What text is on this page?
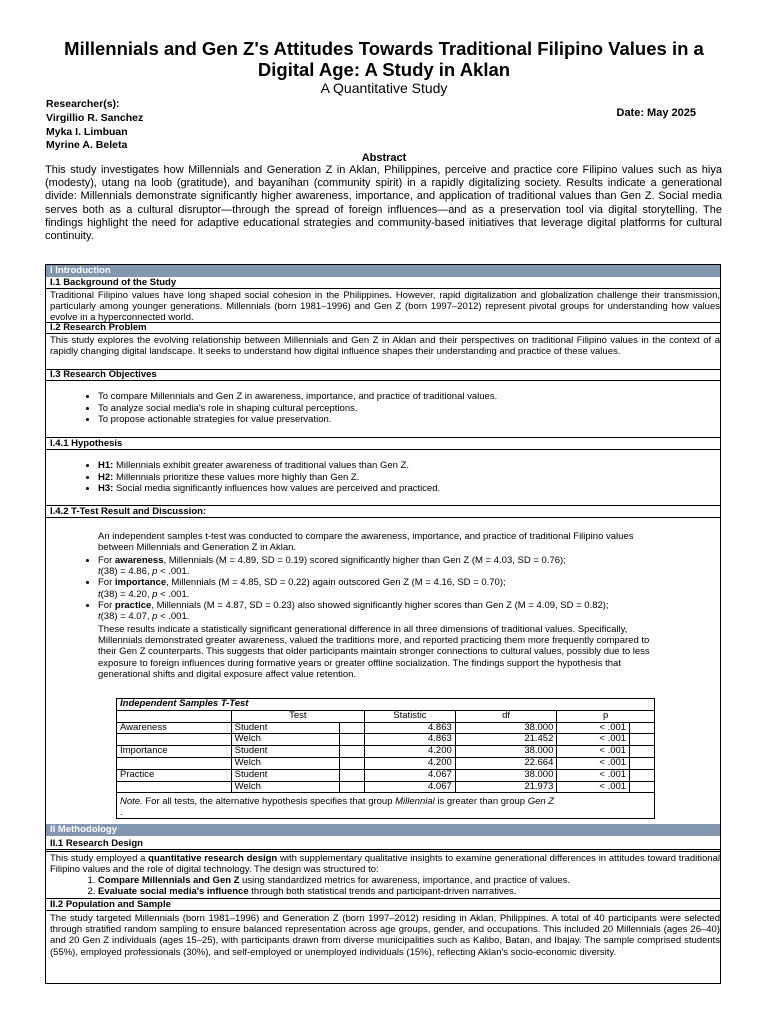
Millennials and Gen Z's Attitudes Towards Traditional Filipino Values in a Digital Age: A Study in Aklan
A Quantitative Study
Researcher(s):
Virgillio R. Sanchez
Myka I. Limbuan
Myrine A. Beleta
Date: May 2025
Abstract
This study investigates how Millennials and Generation Z in Aklan, Philippines, perceive and practice core Filipino values such as hiya (modesty), utang na loob (gratitude), and bayanihan (community spirit) in a rapidly digitalizing society. Results indicate a generational divide: Millennials demonstrate significantly higher awareness, importance, and application of traditional values than Gen Z. Social media serves both as a cultural disruptor—through the spread of foreign influences—and as a preservation tool via digital storytelling. The findings highlight the need for adaptive educational strategies and community-based initiatives that leverage digital platforms for cultural continuity.
I Introduction
I.1 Background of the Study
Traditional Filipino values have long shaped social cohesion in the Philippines. However, rapid digitalization and globalization challenge their transmission, particularly among younger generations. Millennials (born 1981–1996) and Gen Z (born 1997–2012) represent pivotal groups for understanding how values evolve in a hyperconnected world.
I.2 Research Problem
This study explores the evolving relationship between Millennials and Gen Z in Aklan and their perspectives on traditional Filipino values in the context of a rapidly changing digital landscape. It seeks to understand how digital influence shapes their understanding and practice of these values.
I.3 Research Objectives
• To compare Millennials and Gen Z in awareness, importance, and practice of traditional values.
• To analyze social media's role in shaping cultural perceptions.
• To propose actionable strategies for value preservation.
I.4.1 Hypothesis
• H1: Millennials exhibit greater awareness of traditional values than Gen Z.
• H2: Millennials prioritize these values more highly than Gen Z.
• H3: Social media significantly influences how values are perceived and practiced.
I.4.2 T-Test Result and Discussion:
An independent samples t-test was conducted to compare the awareness, importance, and practice of traditional Filipino values between Millennials and Generation Z in Aklan.
• For awareness, Millennials (M = 4.89, SD = 0.19) scored significantly higher than Gen Z (M = 4.03, SD = 0.76);
t(38) = 4.86, p < .001.
• For importance, Millennials (M = 4.85, SD = 0.22) again outscored Gen Z (M = 4.16, SD = 0.70);
t(38) = 4.20, p < .001.
• For practice, Millennials (M = 4.87, SD = 0.23) also showed significantly higher scores than Gen Z (M = 4.09, SD = 0.82);
t(38) = 4.07, p < .001.
These results indicate a statistically significant generational difference in all three dimensions of traditional values. Specifically, Millennials demonstrated greater awareness, valued the traditions more, and reported practicing them more frequently compared to their Gen Z counterparts. This suggests that older participants maintain stronger connections to cultural values, possibly due to less exposure to foreign influences during formative years or greater offline socialization. The findings support the hypothesis that generational shifts and digital exposure affect value retention.
Independent Samples T-Test						
	Test		Statistic	df	p	
Awareness	Student		4.863	38.000	< .001	
	Welch		4.863	21.452	< .001	
Importance	Student		4.200	38.000	< .001	
	Welch		4.200	22.664	< .001	
Practice	Student		4.067	38.000	< .001	
	Welch		4.067	21.973	< .001	
Note. For all tests, the alternative hypothesis specifies that group Millennial is greater than group Gen Z
.						
II Methodology
II.1 Research Design
This study employed a quantitative research design with supplementary qualitative insights to examine generational differences in attitudes toward traditional Filipino values and the role of digital technology. The design was structured to:
1. Compare Millennials and Gen Z using standardized metrics for awareness, importance, and practice of values.
2. Evaluate social media's influence through both statistical trends and participant-driven narratives.
II.2 Population and Sample
The study targeted Millennials (born 1981–1996) and Generation Z (born 1997–2012) residing in Aklan, Philippines. A total of 40 participants were selected through stratified random sampling to ensure balanced representation across age groups, gender, and occupations. This included 20 Millennials (ages 26–40) and 20 Gen Z individuals (ages 15–25), with participants drawn from diverse municipalities such as Kalibo, Batan, and Ibajay. The sample comprised students (55%), employed professionals (30%), and self-employed or unemployed individuals (15%), reflecting Aklan's socio-economic diversity.
